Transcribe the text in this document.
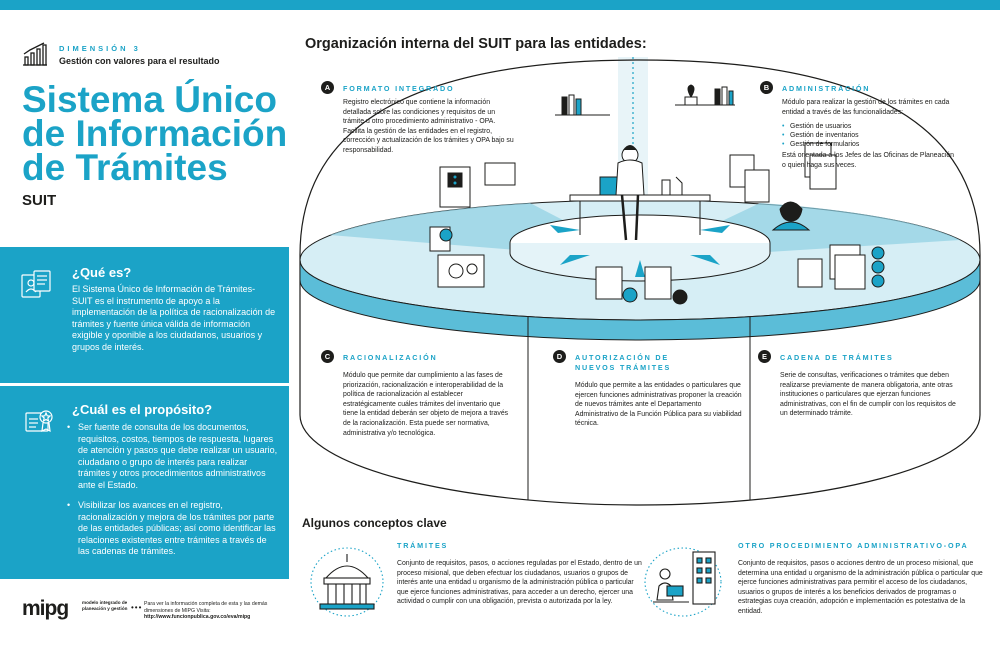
DIMENSIÓN 3
Gestión con valores para el resultado
Sistema Único
de Información
de Trámites
SUIT
¿Qué es?
El Sistema Único de Información de Trámites- SUIT es el instrumento de apoyo a la implementación de la política de racionalización de trámites y fuente única válida de información exigible y oponible a los ciudadanos, usuarios y grupos de interés.
¿Cuál es el propósito?
• Ser fuente de consulta de los documentos, requisitos, costos, tiempos de respuesta, lugares de atención y pasos que debe realizar un usuario, ciudadano o grupo de interés para realizar trámites y otros procedimientos administrativos ante el Estado.
• Visibilizar los avances en el registro, racionalización y mejora de los trámites por parte de las entidades públicas; así como identificar las relaciones existentes entre trámites a través de las cadenas de trámites.
mipg	modelo integrado de planeación y gestión ••• Para ver la información completa de esta y las demás dimensiones de MIPG Visita: http://www.funcionpublica.gov.co/eva/mipg
Organización interna del SUIT para las entidades:
A	FORMATO INTEGRADO
Registro electrónico que contiene la información detallada sobre las condiciones y requisitos de un trámite u otro procedimiento administrativo - OPA. Facilita la gestión de las entidades en el registro, corrección y actualización de los trámites y OPA bajo su responsabilidad.
B	ADMINISTRACIÓN
Módulo para realizar la gestión de los trámites en cada entidad a través de las funcionalidades:
• Gestión de usuarios
• Gestión de inventarios
• Gestión de formularios
Está orientada a los Jefes de las Oficinas de Planeación o quien haga sus veces.
C	RACIONALIZACIÓN
Módulo que permite dar cumplimiento a las fases de priorización, racionalización e interoperabilidad de la política de racionalización al establecer estratégicamente cuáles trámites del inventario que tiene la entidad deberán ser objeto de mejora a través de la racionalización. Esta puede ser normativa, administrativa y/o tecnológica.
D	AUTORIZACIÓN DE NUEVOS TRÁMITES
Módulo que permite a las entidades o particulares que ejercen funciones administrativas proponer la creación de nuevos trámites ante el Departamento Administrativo de la Función Pública para su viabilidad técnica.
E	CADENA DE TRÁMITES
Serie de consultas, verificaciones o trámites que deben realizarse previamente de manera obligatoria, ante otras instituciones o particulares que ejerzan funciones administrativas, con el fin de cumplir con los requisitos de un determinado trámite.
Algunos conceptos clave
TRÁMITES
Conjunto de requisitos, pasos, o acciones reguladas por el Estado, dentro de un proceso misional, que deben efectuar los ciudadanos, usuarios o grupos de interés ante una entidad u organismo de la administración pública o particular que ejerce funciones administrativas, para acceder a un derecho, ejercer una actividad o cumplir con una obligación, prevista o autorizada por la ley.
OTRO PROCEDIMIENTO ADMINISTRATIVO-OPA
Conjunto de requisitos, pasos o acciones dentro de un proceso misional, que determina una entidad u organismo de la administración pública o particular que ejerce funciones administrativas para permitir el acceso de los ciudadanos, usuarios o grupos de interés a los beneficios derivados de programas o estrategias cuya creación, adopción e implementación es potestativa de la entidad.
